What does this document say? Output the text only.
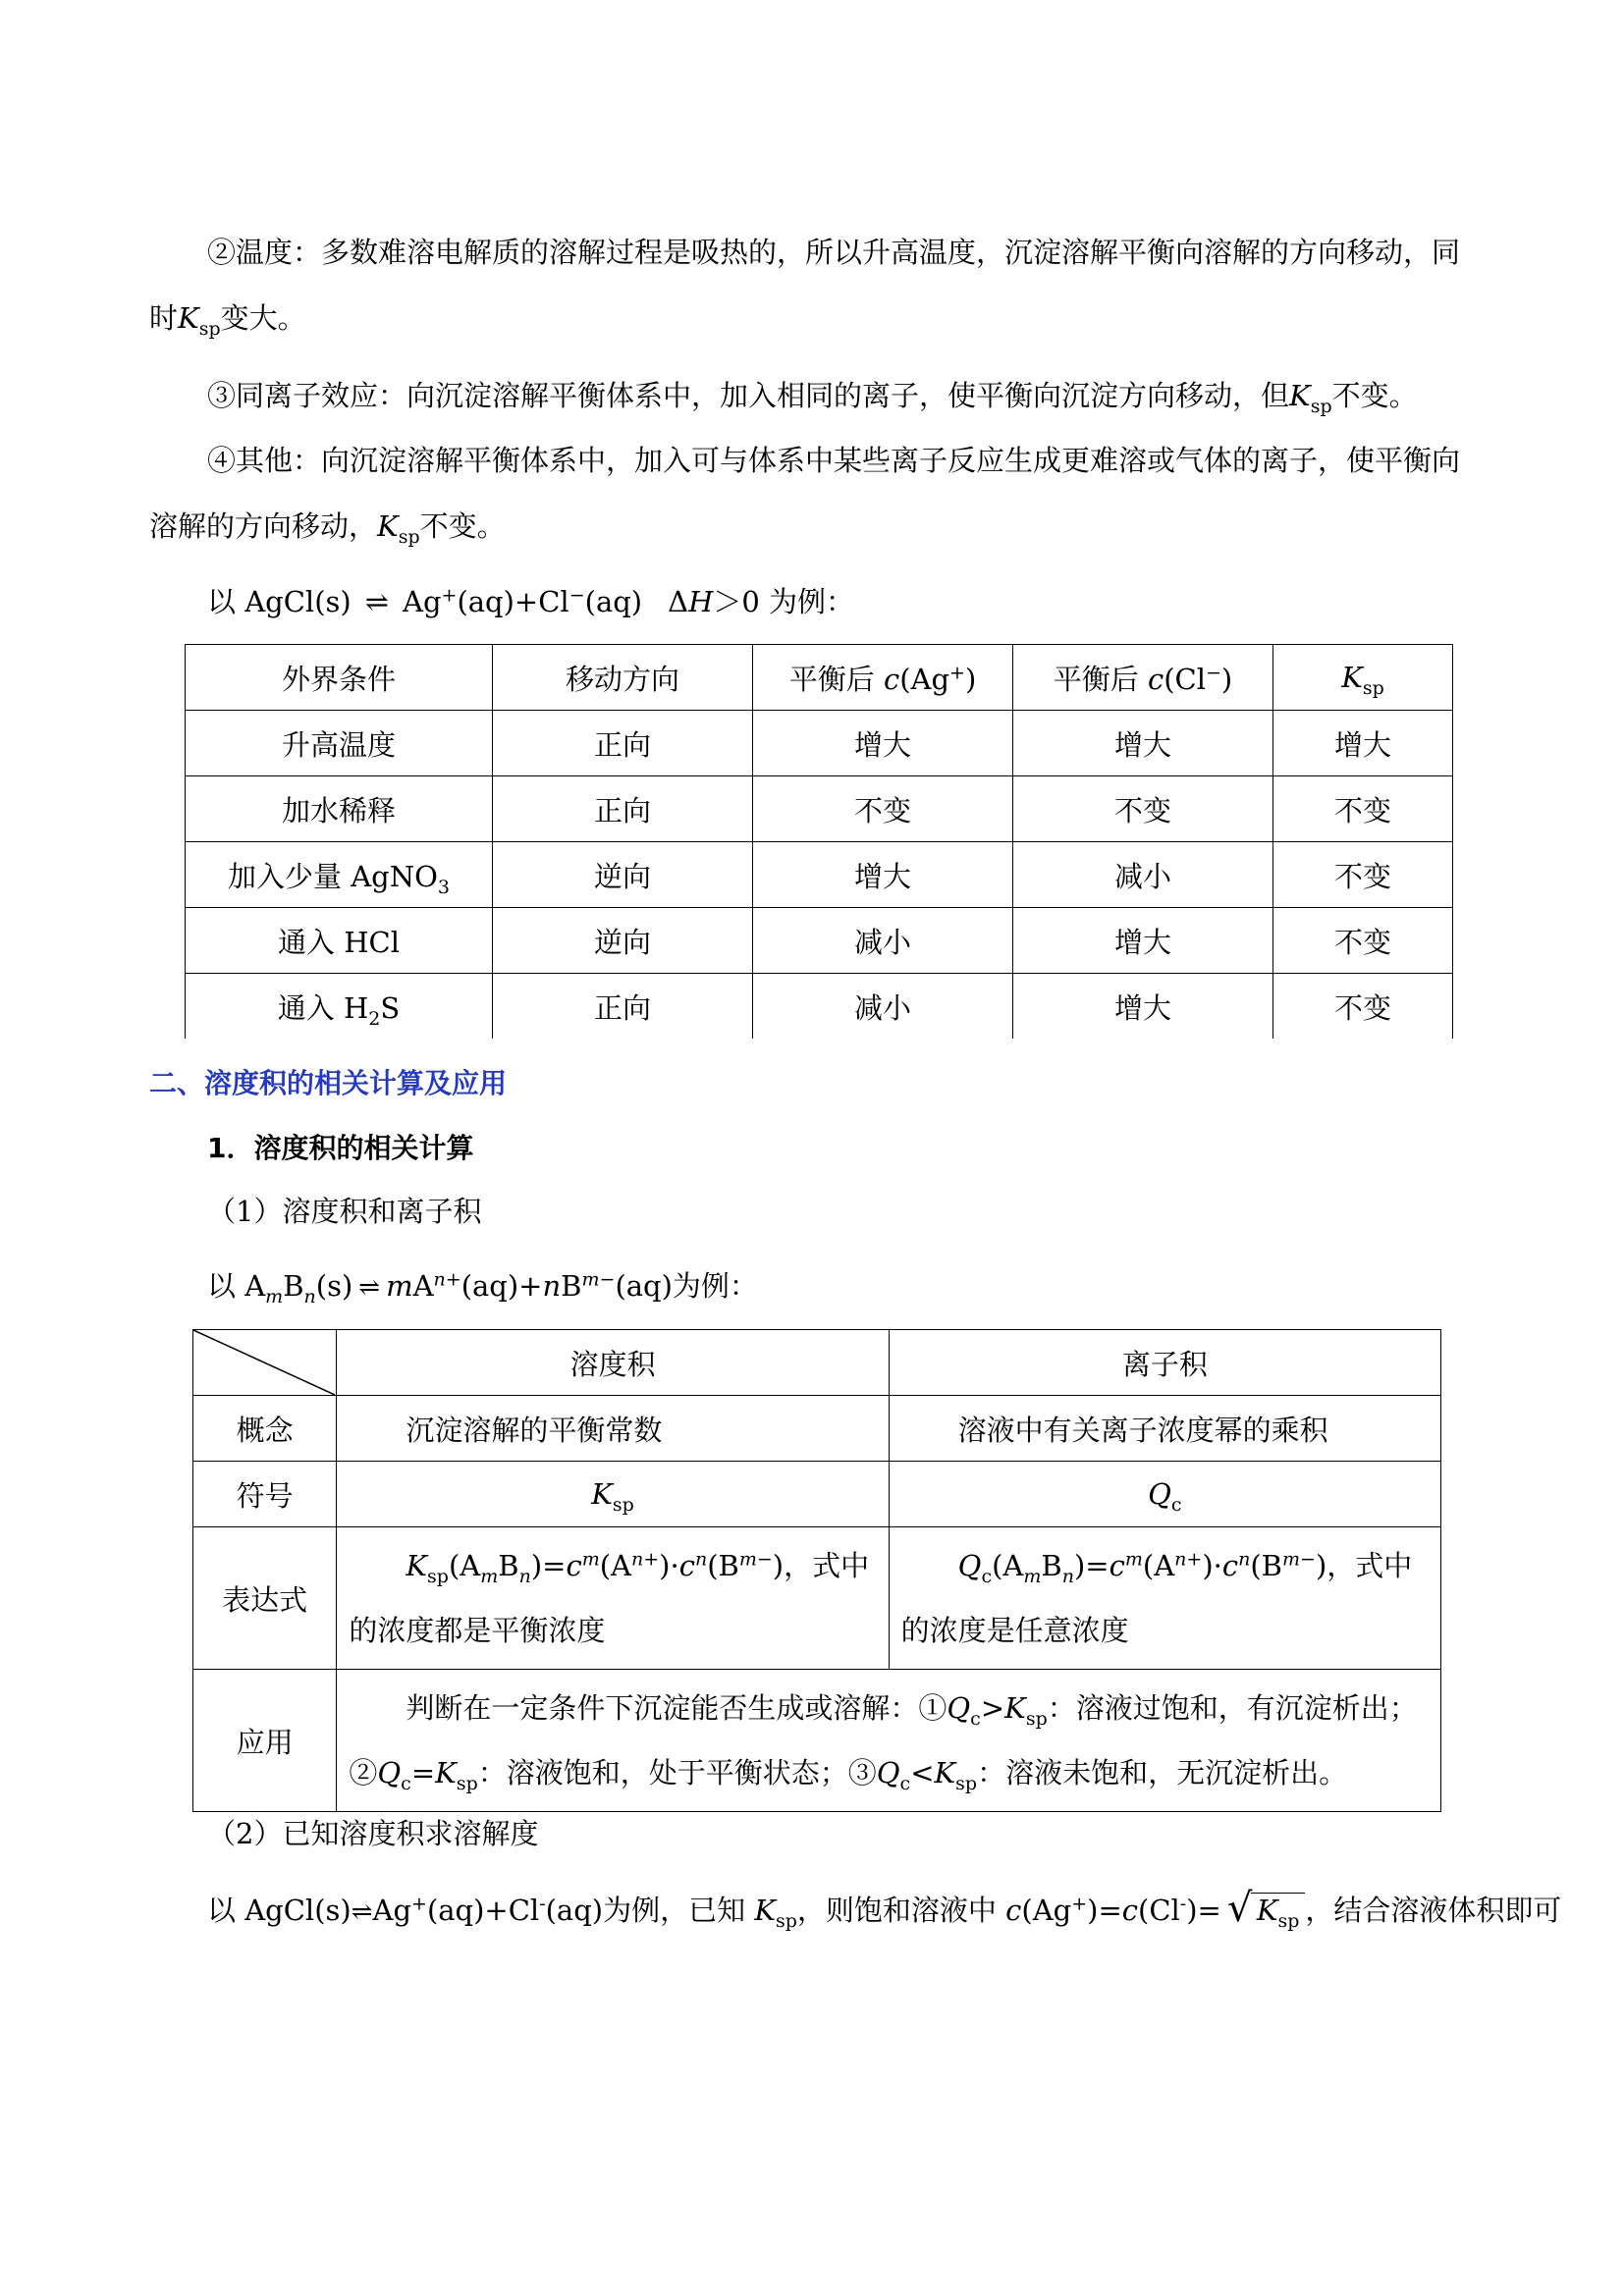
②温度：多数难溶电解质的溶解过程是吸热的，所以升高温度，沉淀溶解平衡向溶解的方向移动，同时$K_{sp}$变大。

③同离子效应：向沉淀溶解平衡体系中，加入相同的离子，使平衡向沉淀方向移动，但$K_{sp}$不变。

④其他：向沉淀溶解平衡体系中，加入可与体系中某些离子反应生成更难溶或气体的离子，使平衡向溶解的方向移动，$K_{sp}$不变。

以 AgCl(s) ⇌ Ag+(aq)+Cl−(aq) ΔH＞0 为例：

外界条件	移动方向	平衡后 c(Ag+)	平衡后 c(Cl−)	$K_{sp}$
升高温度	正向	增大	增大	增大
加水稀释	正向	不变	不变	不变
加入少量 AgNO$_3$	逆向	增大	减小	不变
通入 HCl	逆向	减小	增大	不变
通入 $H_2S$	正向	减小	增大	不变
二、溶度积的相关计算及应用
1．溶度积的相关计算
（1）溶度积和离子积
以 $A_mB_n(s)$ ⇌ $mA^{n+}(aq)+nB^{m-}(aq)$为例：
	溶度积	离子积
概念	沉淀溶解的平衡常数	溶液中有关离子浓度幂的乘积
符号	$K_{sp}$	$Q_c$
表达式	$K_{sp}(A_mB_n)=c^m(A^{n+})\cdot c^n(B^{m-})$，式中的浓度都是平衡浓度	$Q_c(A_mB_n)=c^m(A^{n+})\cdot c^n(B^{m-})$，式中的浓度是任意浓度
应用	判断在一定条件下沉淀能否生成或溶解：$①Q_c>K_{sp}$：溶液过饱和，有沉淀析出；$②Q_c=K_{sp}$：溶液饱和，处于平衡状态；$③Q_c<K_{sp}$：溶液未饱和，无沉淀析出。	
（2）已知溶度积求溶解度
以 AgCl(s)⇌Ag+(aq)+Cl-(aq)为例，已知 $K_{sp}$，则饱和溶液中 c(Ag+)=c(Cl-)= √ $K_{sp}$ ，结合溶液体积即可
